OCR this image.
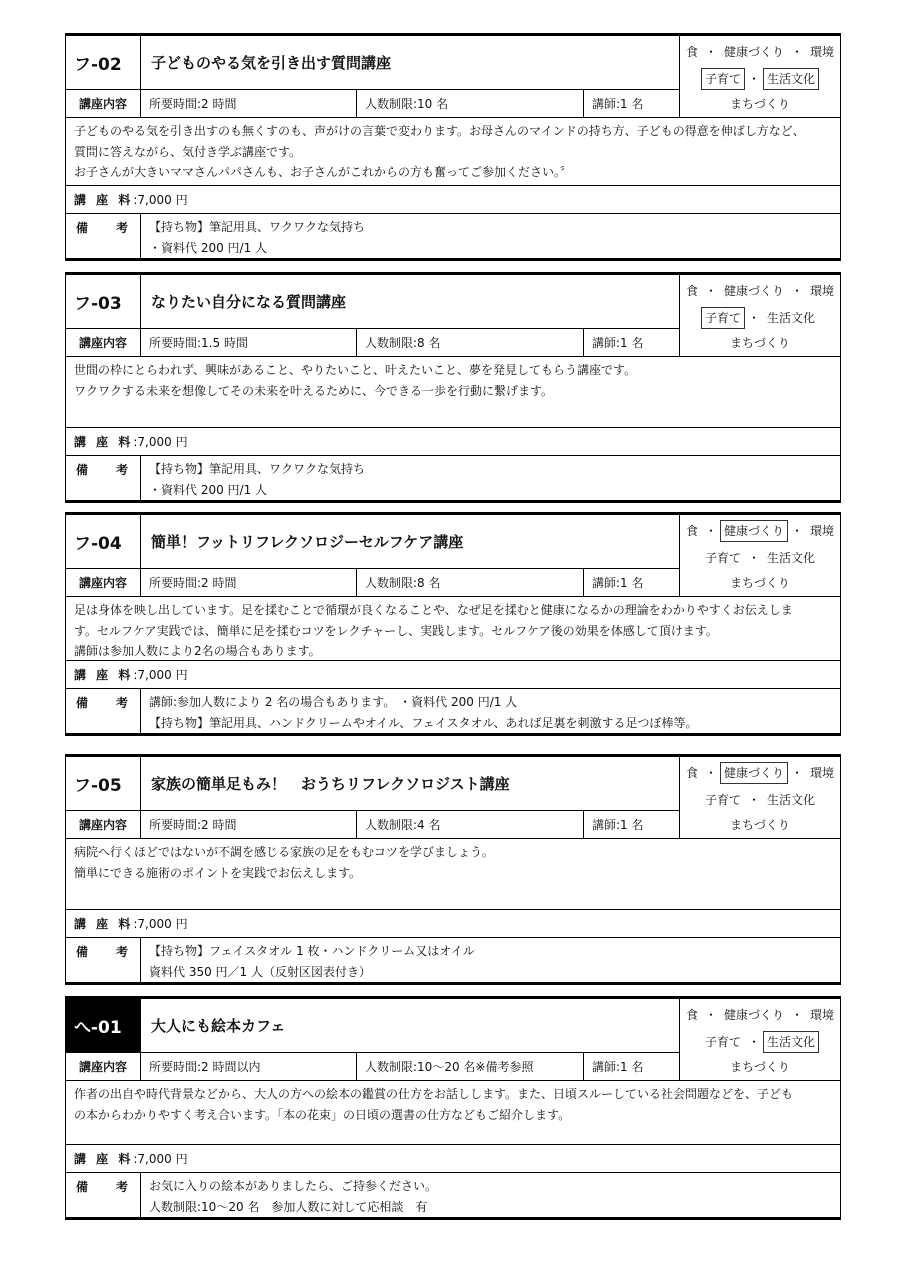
フ-02	子どものやる気を引き出す質問講座
講座内容	所要時間:2 時間	人数制限:10 名	講師:1 名
食 ・ 健康づくり ・ 環境
子育て ・ 生活文化
まちづくり
子どものやる気を引き出すのも無くすのも、声がけの言葉で変わります。お母さんのマインドの持ち方、子どもの得意を伸ばし方など、
質問に答えながら、気付き学ぶ講座です。
お子さんが大きいママさんパパさんも、お子さんがこれからの方も奮ってご参加ください。〞
講 座 料 :7,000 円
備 考 【持ち物】筆記用具、ワクワクな気持ち
・資料代 200 円/1 人
フ-03	なりたい自分になる質問講座
講座内容	所要時間:1.5 時間	人数制限:8 名	講師:1 名
食 ・ 健康づくり ・ 環境
子育て ・ 生活文化
まちづくり
世間の枠にとらわれず、興味があること、やりたいこと、叶えたいこと、夢を発見してもらう講座です。
ワクワクする未来を想像してその未来を叶えるために、今できる一歩を行動に繋げます。
講 座 料 :7,000 円
備 考 【持ち物】筆記用具、ワクワクな気持ち
・資料代 200 円/1 人
フ-04	簡単！フットリフレクソロジーセルフケア講座
講座内容	所要時間:2 時間	人数制限:8 名	講師:1 名
食 ・ 健康づくり ・ 環境
子育て ・ 生活文化
まちづくり
足は身体を映し出しています。足を揉むことで循環が良くなることや、なぜ足を揉むと健康になるかの理論をわかりやすくお伝えしま
す。セルフケア実践では、簡単に足を揉むコツをレクチャーし、実践します。セルフケア後の効果を体感して頂けます。
講師は参加人数により2名の場合もあります。
講 座 料 :7,000 円
備 考 講師:参加人数により 2 名の場合もあります。 ・資料代 200 円/1 人
【持ち物】筆記用具、ハンドクリームやオイル、フェイスタオル、あれば足裏を刺激する足つぼ棒等。
フ-05	家族の簡単足もみ！　おうちリフレクソロジスト講座
講座内容	所要時間:2 時間	人数制限:4 名	講師:1 名
食 ・ 健康づくり ・ 環境
子育て ・ 生活文化
まちづくり
病院へ行くほどではないが不調を感じる家族の足をもむコツを学びましょう。
簡単にできる施術のポイントを実践でお伝えします。
講 座 料 :7,000 円
備 考 【持ち物】フェイスタオル 1 枚・ハンドクリーム又はオイル
資料代 350 円／1 人（反射区図表付き）
へ-01	大人にも絵本カフェ
講座内容	所要時間:2 時間以内	人数制限:10～20 名※備考参照	講師:1 名
食 ・ 健康づくり ・ 環境
子育て ・ 生活文化
まちづくり
作者の出自や時代背景などから、大人の方への絵本の鑑賞の仕方をお話しします。また、日頃スルーしている社会問題などを、子ども
の本からわかりやすく考え合います。「本の花束」の日頃の選書の仕方などもご紹介します。
講 座 料 :7,000 円
備 考 お気に入りの絵本がありましたら、ご持参ください。
人数制限:10～20 名　参加人数に対して応相談　有
